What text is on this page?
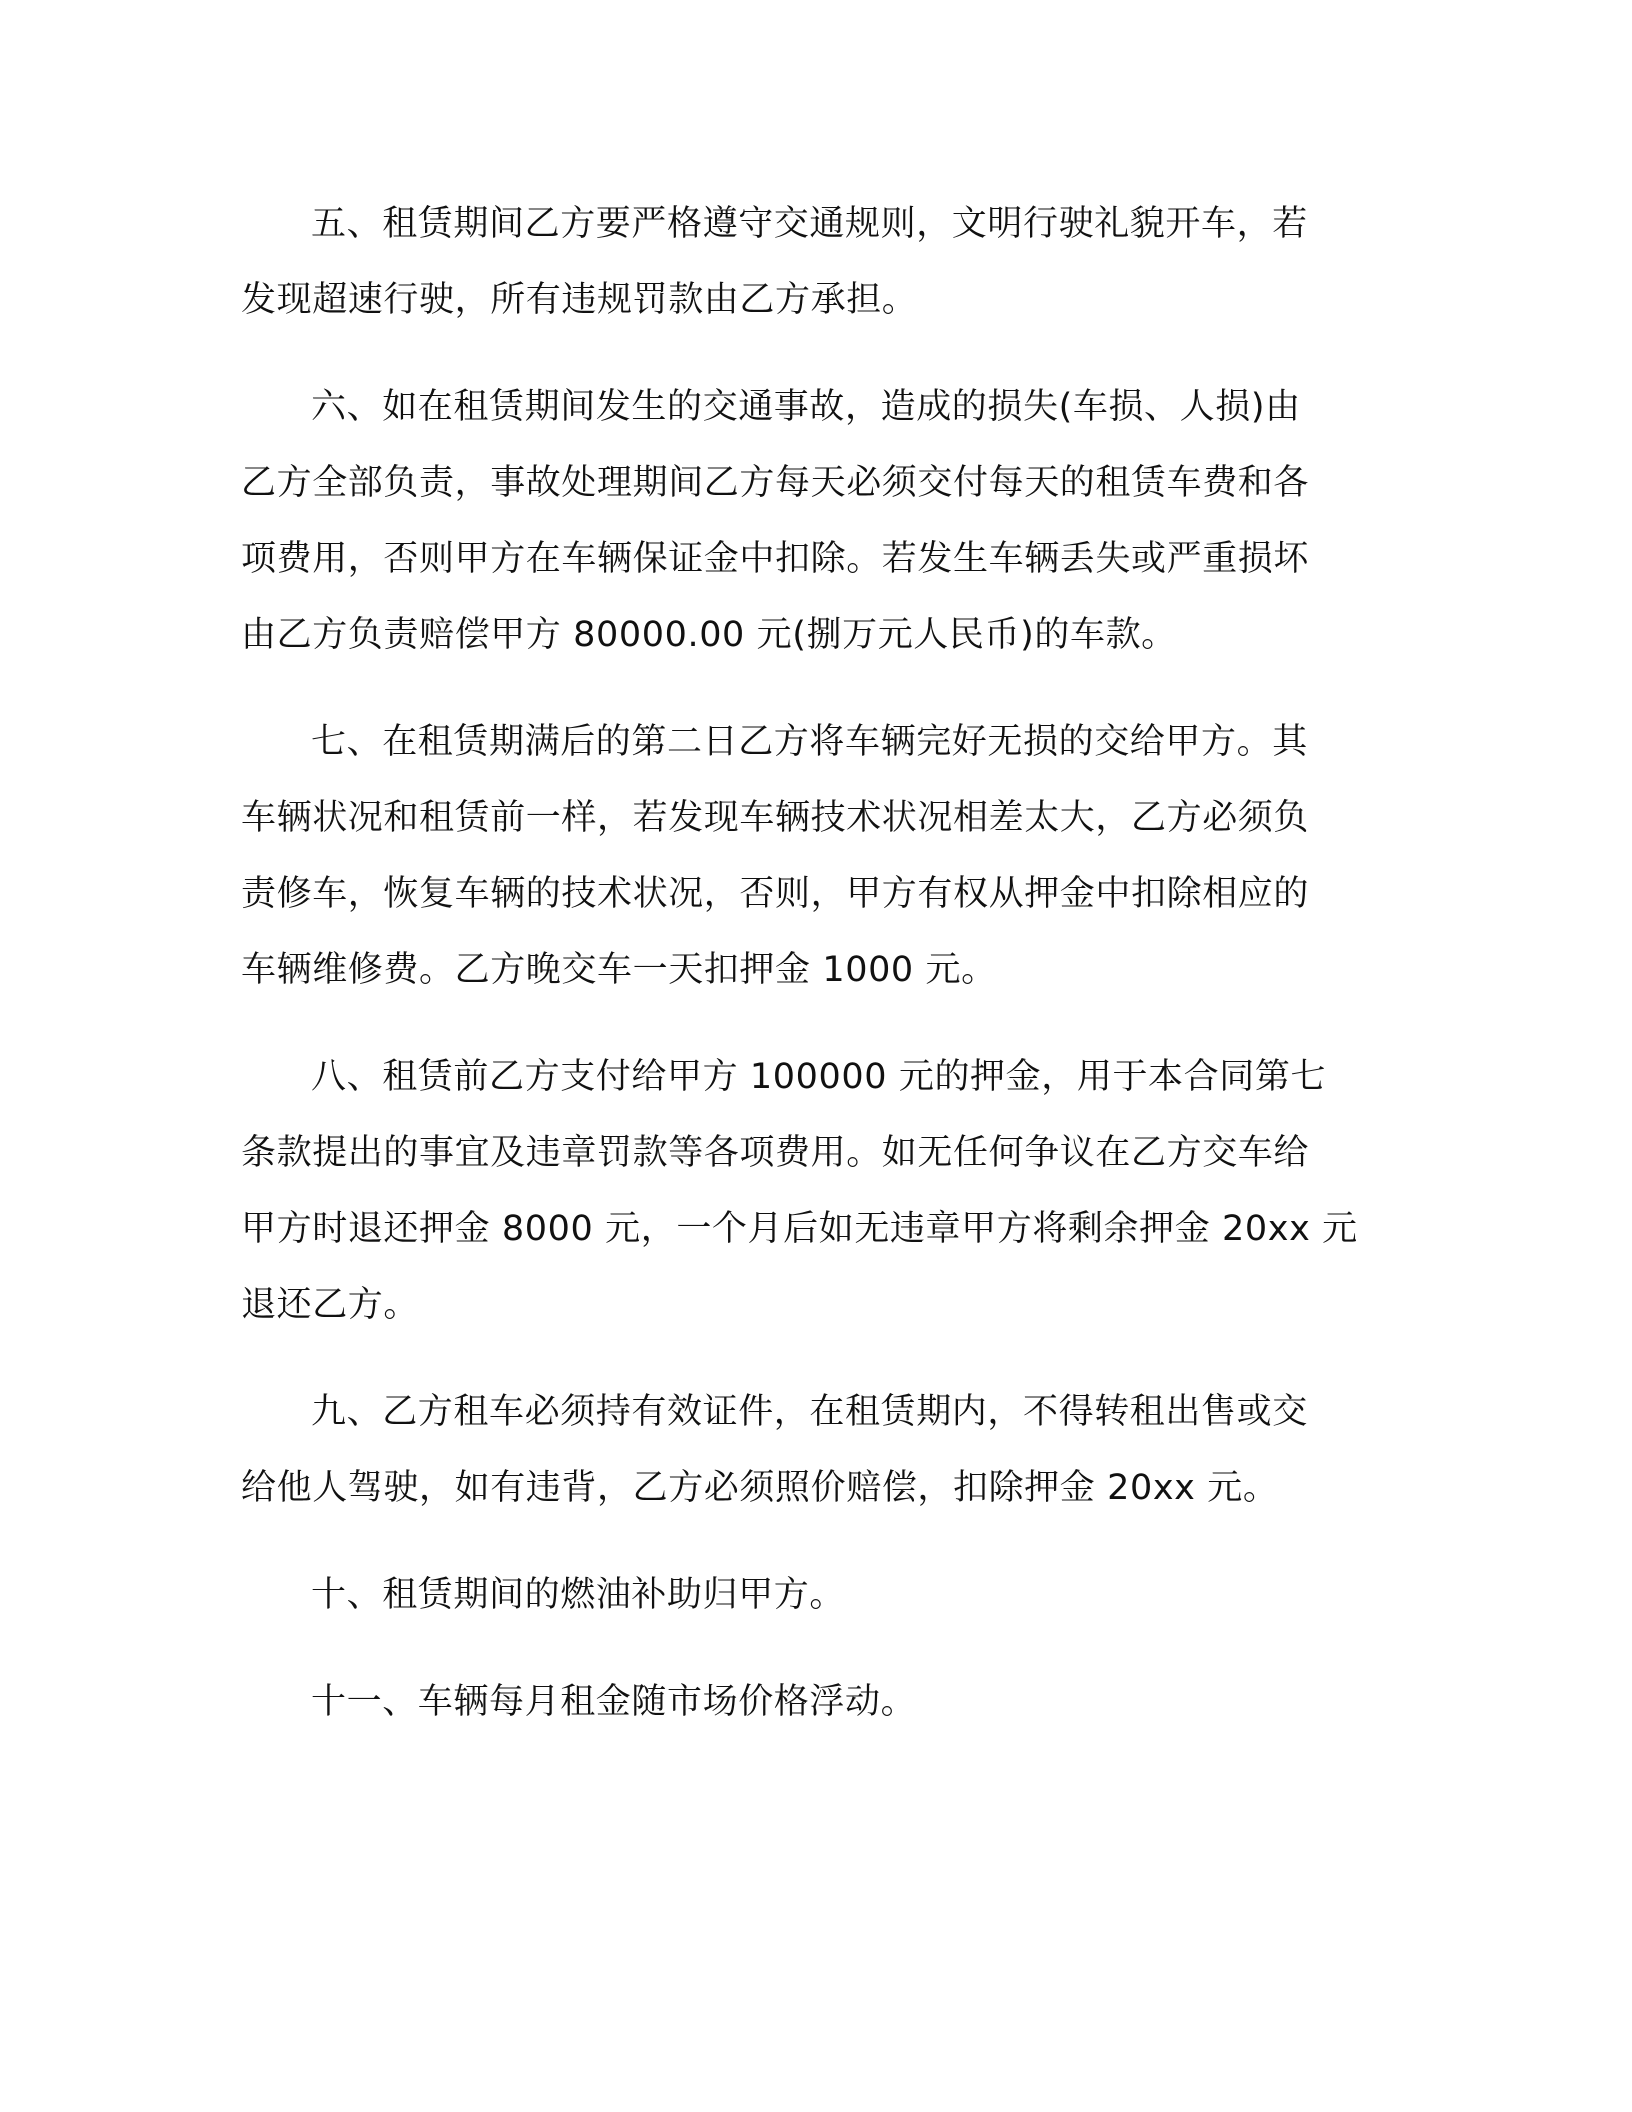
五、租赁期间乙方要严格遵守交通规则，文明行驶礼貌开车，若
发现超速行驶，所有违规罚款由乙方承担。

六、如在租赁期间发生的交通事故，造成的损失(车损、人损)由
乙方全部负责，事故处理期间乙方每天必须交付每天的租赁车费和各
项费用，否则甲方在车辆保证金中扣除。若发生车辆丢失或严重损坏
由乙方负责赔偿甲方 80000.00 元(捌万元人民币)的车款。

七、在租赁期满后的第二日乙方将车辆完好无损的交给甲方。其
车辆状况和租赁前一样，若发现车辆技术状况相差太大，乙方必须负
责修车，恢复车辆的技术状况，否则，甲方有权从押金中扣除相应的
车辆维修费。乙方晚交车一天扣押金 1000 元。

八、租赁前乙方支付给甲方 100000 元的押金，用于本合同第七
条款提出的事宜及违章罚款等各项费用。如无任何争议在乙方交车给
甲方时退还押金 8000 元，一个月后如无违章甲方将剩余押金 20xx 元
退还乙方。

九、乙方租车必须持有效证件，在租赁期内，不得转租出售或交
给他人驾驶，如有违背，乙方必须照价赔偿，扣除押金 20xx 元。

十、租赁期间的燃油补助归甲方。

十一、车辆每月租金随市场价格浮动。
